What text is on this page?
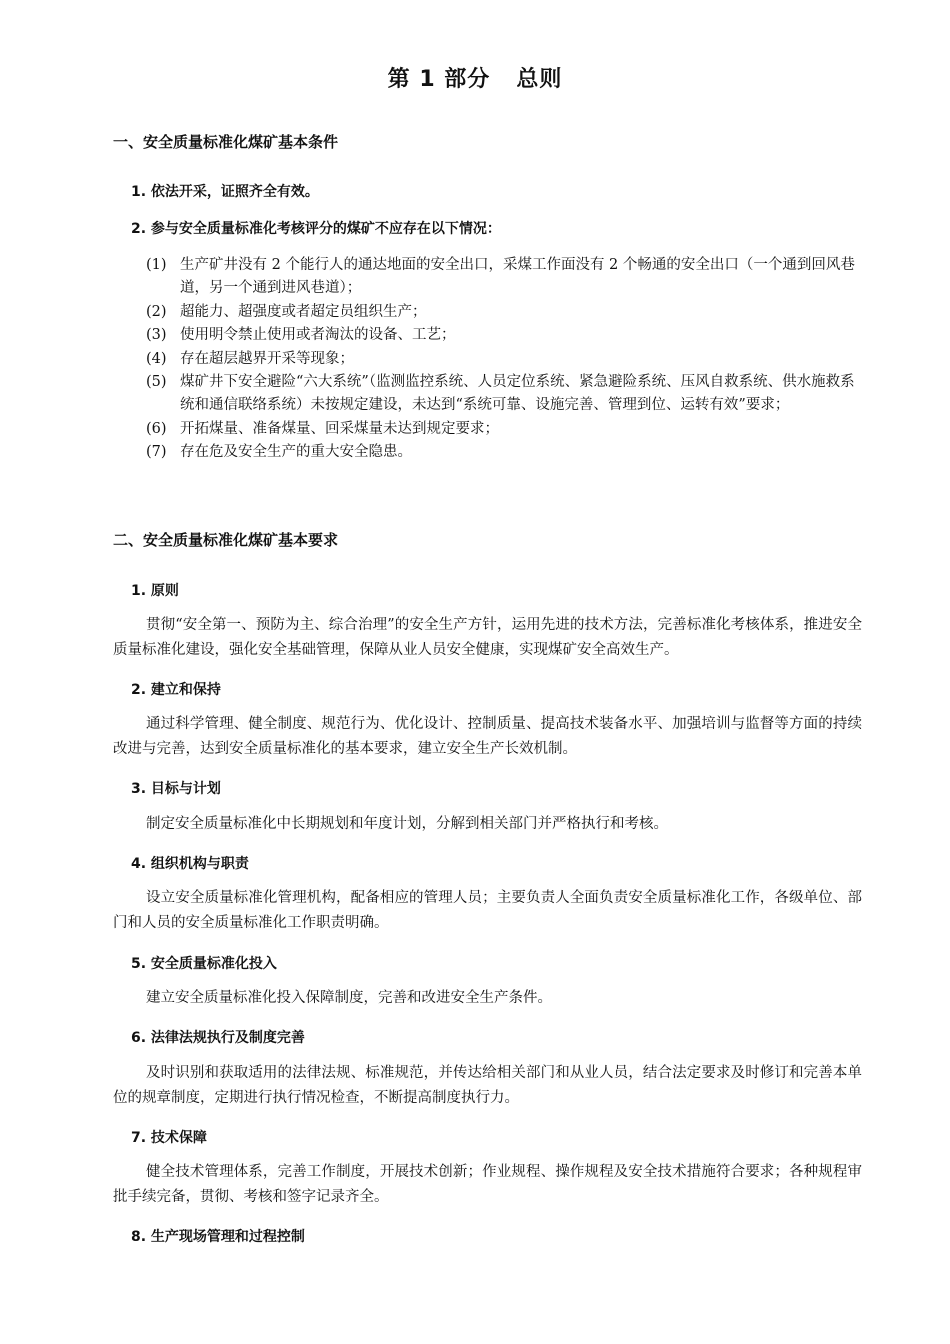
第 1 部分 总则
一、安全质量标准化煤矿基本条件

1. 依法开采，证照齐全有效。

2. 参与安全质量标准化考核评分的煤矿不应存在以下情况：

(1) 生产矿井没有 2 个能行人的通达地面的安全出口，采煤工作面没有 2 个畅通的安全出口（一个通到回风巷道，另一个通到进风巷道）；
(2) 超能力、超强度或者超定员组织生产；
(3) 使用明令禁止使用或者淘汰的设备、工艺；
(4) 存在超层越界开采等现象；
(5) 煤矿井下安全避险“六大系统”（监测监控系统、人员定位系统、紧急避险系统、压风自救系统、供水施救系统和通信联络系统）未按规定建设，未达到“系统可靠、设施完善、管理到位、运转有效”要求；
(6) 开拓煤量、准备煤量、回采煤量未达到规定要求；
(7) 存在危及安全生产的重大安全隐患。
二、安全质量标准化煤矿基本要求

1. 原则

贯彻“安全第一、预防为主、综合治理”的安全生产方针，运用先进的技术方法，完善标准化考核体系，推进安全质量标准化建设，强化安全基础管理，保障从业人员安全健康，实现煤矿安全高效生产。

2. 建立和保持

通过科学管理、健全制度、规范行为、优化设计、控制质量、提高技术装备水平、加强培训与监督等方面的持续改进与完善，达到安全质量标准化的基本要求，建立安全生产长效机制。

3. 目标与计划

制定安全质量标准化中长期规划和年度计划，分解到相关部门并严格执行和考核。

4. 组织机构与职责

设立安全质量标准化管理机构，配备相应的管理人员；主要负责人全面负责安全质量标准化工作，各级单位、部门和人员的安全质量标准化工作职责明确。

5. 安全质量标准化投入

建立安全质量标准化投入保障制度，完善和改进安全生产条件。

6. 法律法规执行及制度完善

及时识别和获取适用的法律法规、标准规范，并传达给相关部门和从业人员，结合法定要求及时修订和完善本单位的规章制度，定期进行执行情况检查，不断提高制度执行力。

7. 技术保障

健全技术管理体系，完善工作制度，开展技术创新；作业规程、操作规程及安全技术措施符合要求；各种规程审批手续完备，贯彻、考核和签字记录齐全。

8. 生产现场管理和过程控制
